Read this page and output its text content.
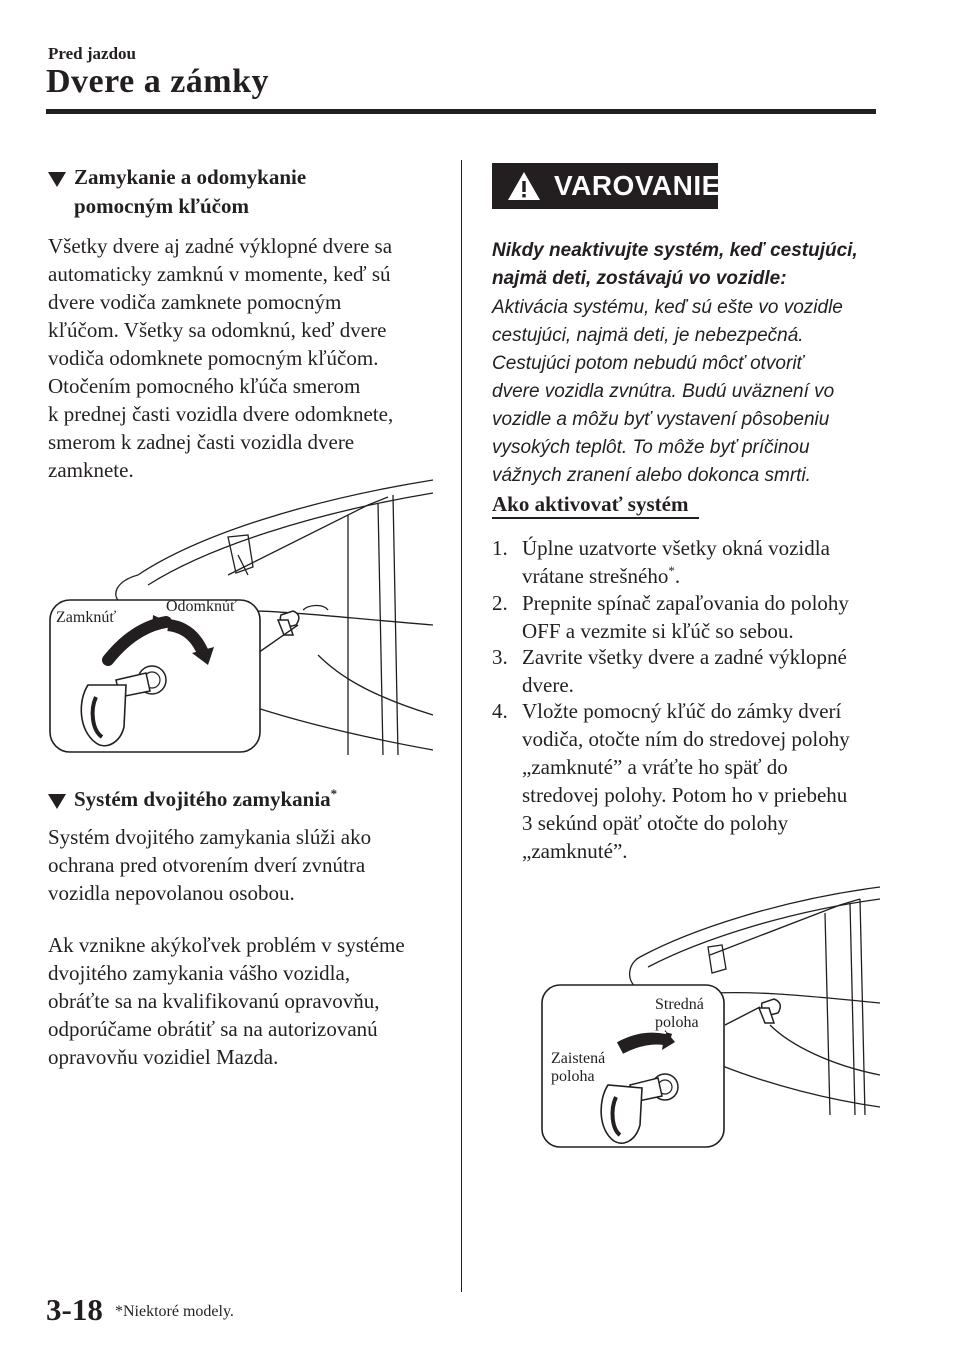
Pred jazdou
Dvere a zámky
Zamykanie a odomykanie
pomocným kľúčom
Všetky dvere aj zadné výklopné dvere sa
automaticky zamknú v momente, keď sú
dvere vodiča zamknete pomocným
kľúčom. Všetky sa odomknú, keď dvere
vodiča odomknete pomocným kľúčom.
Otočením pomocného kľúča smerom
k prednej časti vozidla dvere odomknete,
smerom k zadnej časti vozidla dvere
zamknete.
Zamknúť
Odomknúť
Systém dvojitého zamykania*
Systém dvojitého zamykania slúži ako
ochrana pred otvorením dverí zvnútra
vozidla nepovolanou osobou.
Ak vznikne akýkoľvek problém v systéme
dvojitého zamykania vášho vozidla,
obráťte sa na kvalifikovanú opravovňu,
odporúčame obrátiť sa na autorizovanú
opravovňu vozidiel Mazda.
VAROVANIE
Nikdy neaktivujte systém, keď cestujúci,
najmä deti, zostávajú vo vozidle:
Aktivácia systému, keď sú ešte vo vozidle
cestujúci, najmä deti, je nebezpečná.
Cestujúci potom nebudú môcť otvoriť
dvere vozidla zvnútra. Budú uväznení vo
vozidle a môžu byť vystavení pôsobeniu
vysokých teplôt. To môže byť príčinou
vážnych zranení alebo dokonca smrti.
Ako aktivovať systém
1. Úplne uzatvorte všetky okná vozidla
vrátane strešného*.
2. Prepnite spínač zapaľovania do polohy
OFF a vezmite si kľúč so sebou.
3. Zavrite všetky dvere a zadné výklopné
dvere.
4. Vložte pomocný kľúč do zámky dverí
vodiča, otočte ním do stredovej polohy
„zamknuté” a vráťte ho späť do
stredovej polohy. Potom ho v priebehu
3 sekúnd opäť otočte do polohy
„zamknuté”.
Stredná
poloha
Zaistená
poloha
3-18 *Niektoré modely.
